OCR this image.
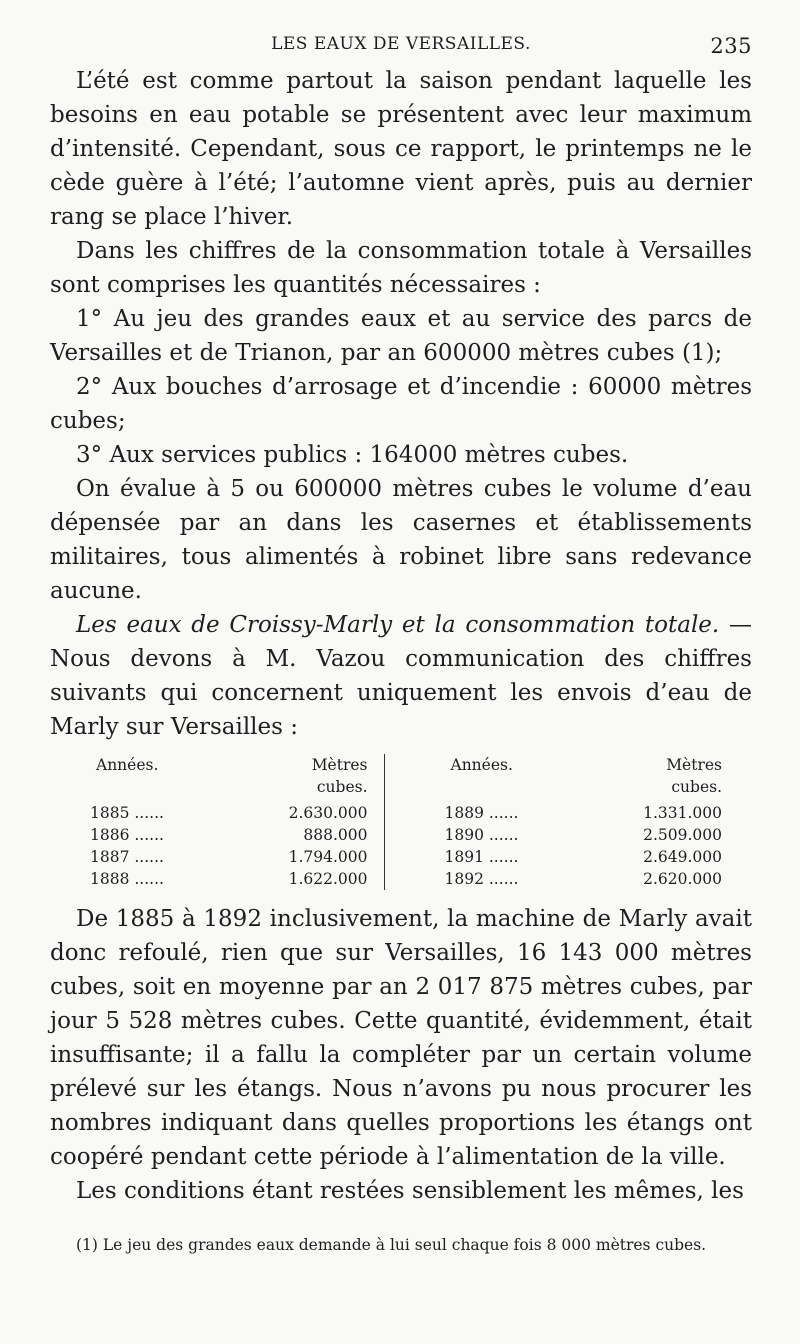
LES EAUX DE VERSAILLES.	235

L’été est comme partout la saison pendant laquelle les besoins en eau potable se présentent avec leur maximum d’intensité. Cependant, sous ce rapport, le printemps ne le cède guère à l’été; l’automne vient après, puis au dernier rang se place l’hiver.

Dans les chiffres de la consommation totale à Versailles sont comprises les quantités nécessaires :

1° Au jeu des grandes eaux et au service des parcs de Versailles et de Trianon, par an 600000 mètres cubes (1);

2° Aux bouches d’arrosage et d’incendie : 60000 mètres cubes;

3° Aux services publics : 164000 mètres cubes.

On évalue à 5 ou 600000 mètres cubes le volume d’eau dépensée par an dans les casernes et établissements militaires, tous alimentés à robinet libre sans redevance aucune.

Les eaux de Croissy-Marly et la consommation totale. — Nous devons à M. Vazou communication des chiffres suivants qui concernent uniquement les envois d’eau de Marly sur Versailles :

Années.	Mètres cubes.
1885 ......	2.630.000
1886 ......	888.000
1887 ......	1.794.000
1888 ......	1.622.000
Années.	Mètres cubes.
1889 ......	1.331.000
1890 ......	2.509.000
1891 ......	2.649.000
1892 ......	2.620.000

De 1885 à 1892 inclusivement, la machine de Marly avait donc refoulé, rien que sur Versailles, 16 143 000 mètres cubes, soit en moyenne par an 2 017 875 mètres cubes, par jour 5 528 mètres cubes. Cette quantité, évidemment, était insuffisante; il a fallu la compléter par un certain volume prélevé sur les étangs. Nous n’avons pu nous procurer les nombres indiquant dans quelles proportions les étangs ont coopéré pendant cette période à l’alimentation de la ville.

Les conditions étant restées sensiblement les mêmes, les

(1) Le jeu des grandes eaux demande à lui seul chaque fois 8 000 mètres cubes.
